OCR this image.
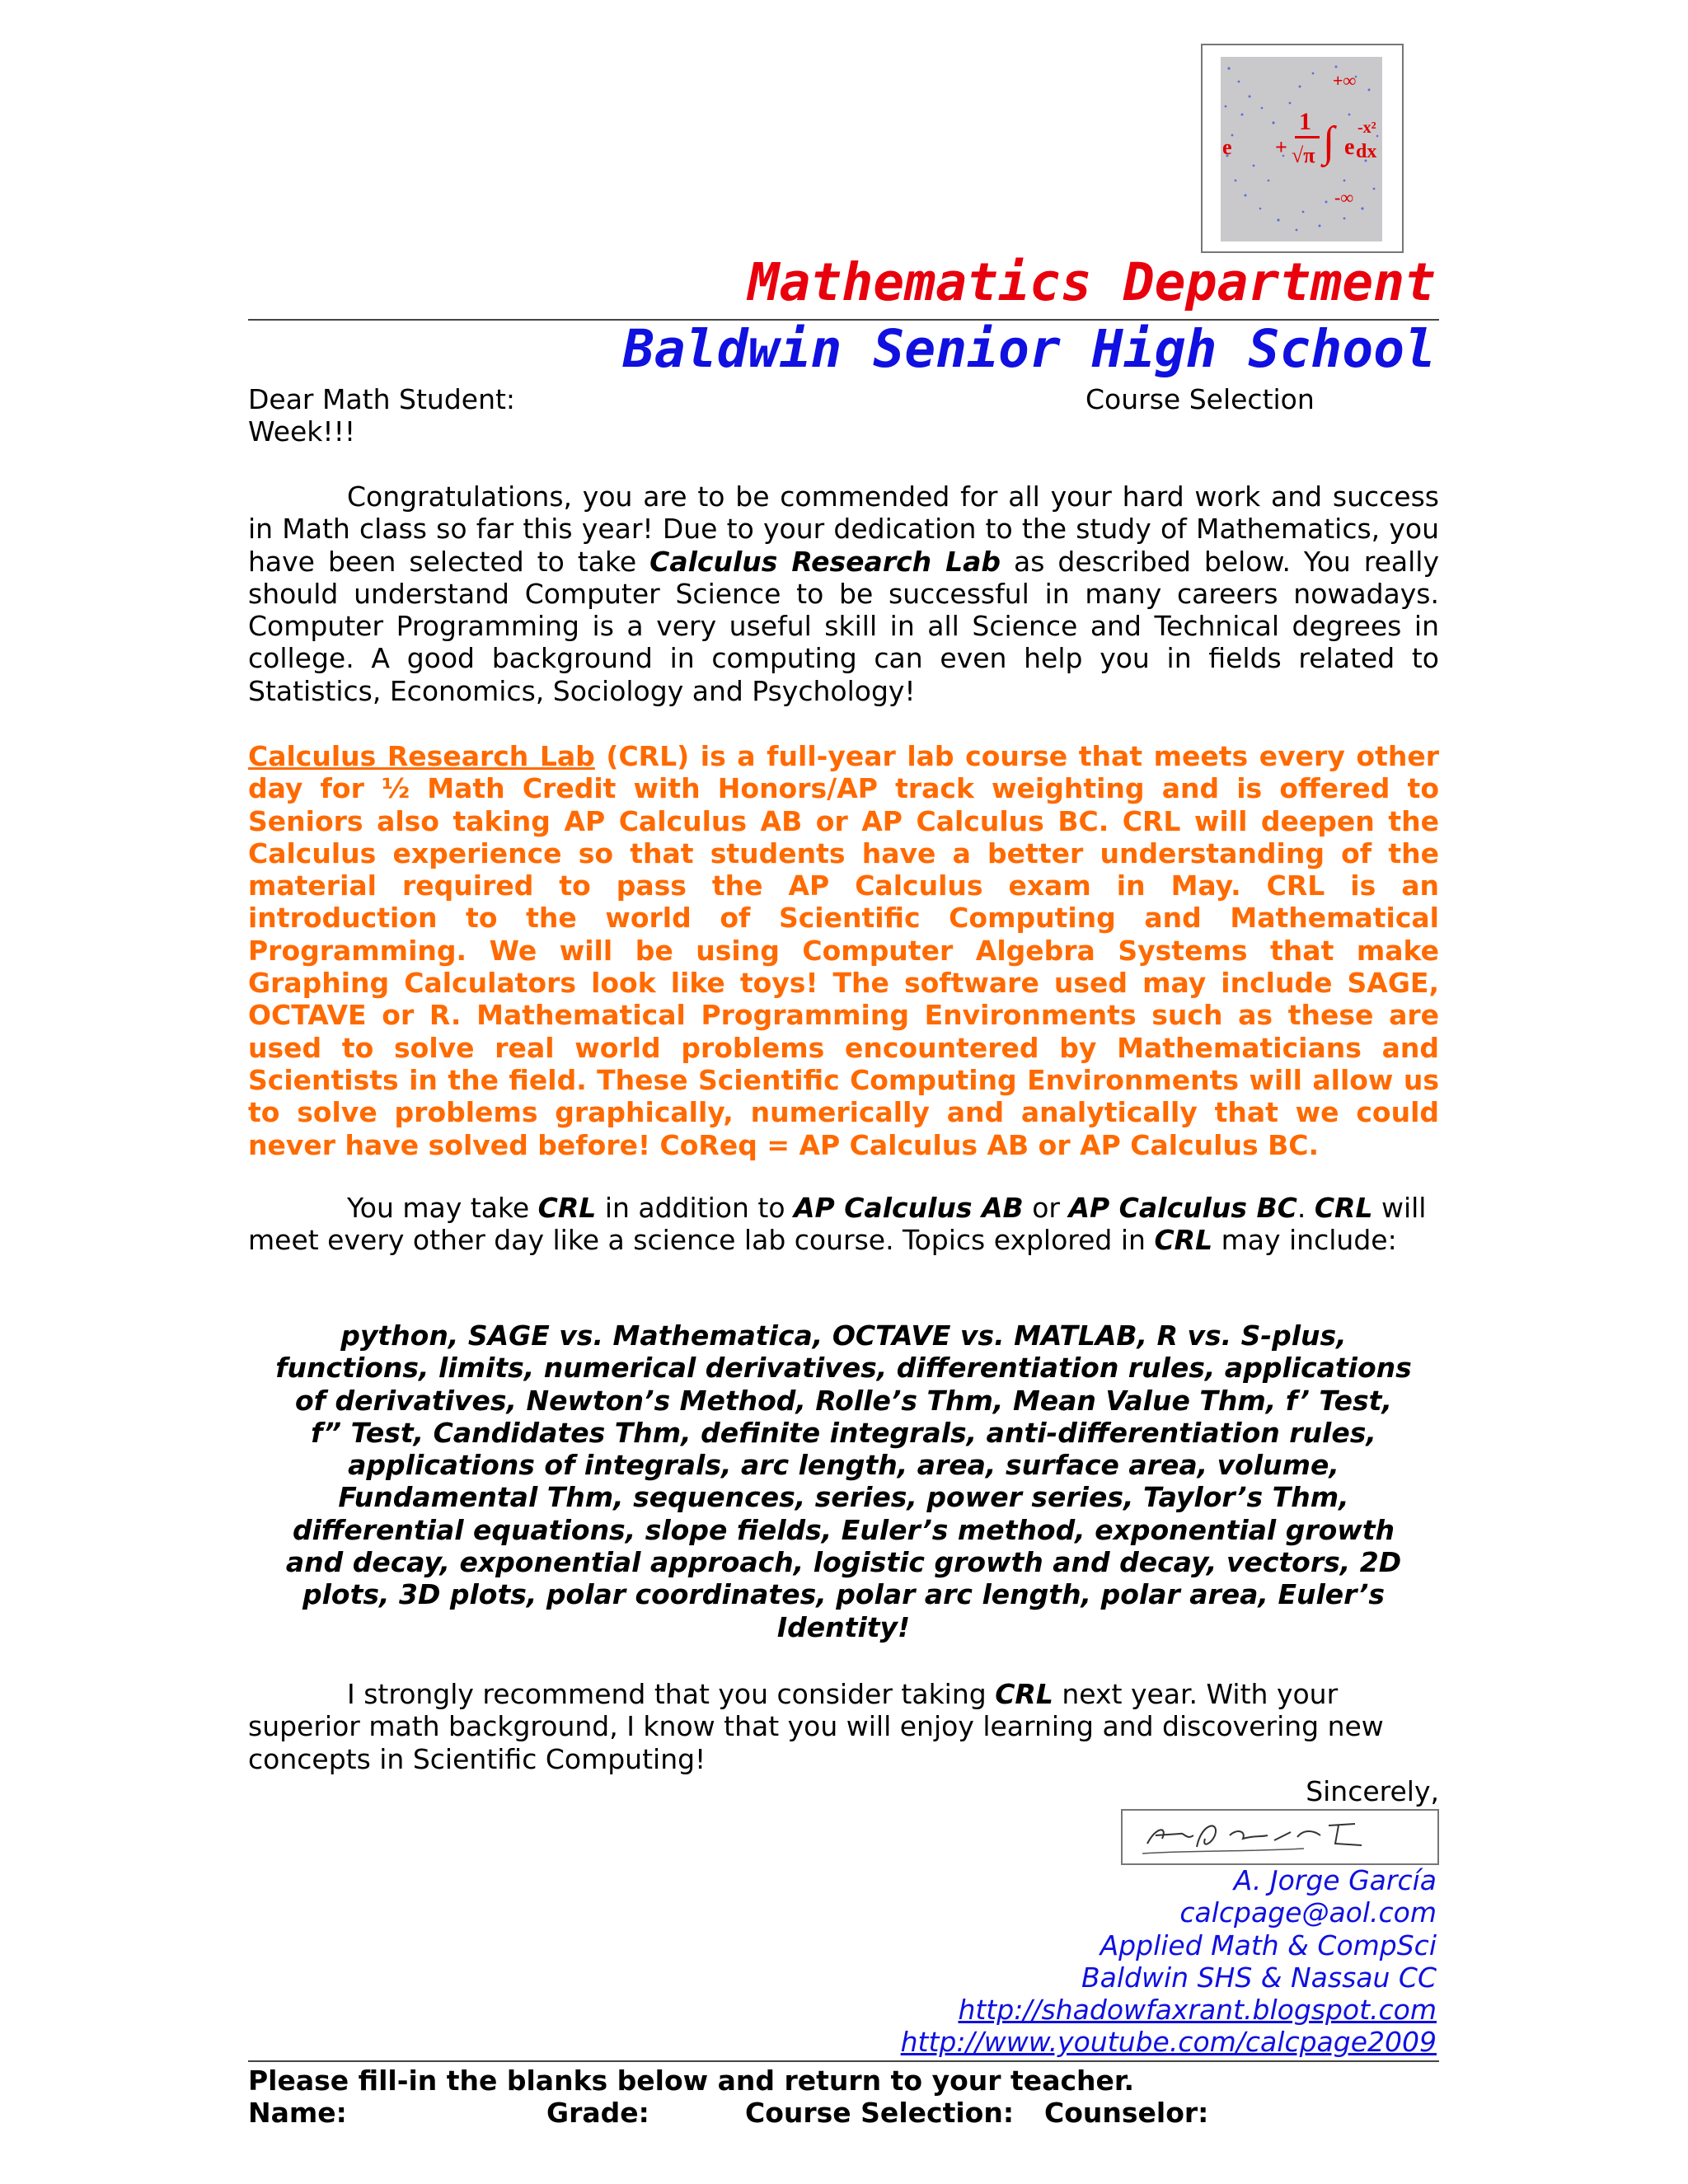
+∞
1
√π ∫ e
-x²
dx
-∞
e +
Mathematics Department
Baldwin Senior High School
Dear Math Student:	Course Selection

Week!!!
Congratulations, you are to be commended for all your hard work and success in Math class so far this year! Due to your dedication to the study of Mathematics, you have been selected to take Calculus Research Lab as described below. You really should understand Computer Science to be successful in many careers nowadays. Computer Programming is a very useful skill in all Science and Technical degrees in college. A good background in computing can even help you in fields related to Statistics, Economics, Sociology and Psychology!
Calculus Research Lab (CRL) is a full-year lab course that meets every other day for ½ Math Credit with Honors/AP track weighting and is offered to Seniors also taking AP Calculus AB or AP Calculus BC. CRL will deepen the Calculus experience so that students have a better understanding of the material required to pass the AP Calculus exam in May. CRL is an introduction to the world of Scientific Computing and Mathematical Programming. We will be using Computer Algebra Systems that make Graphing Calculators look like toys! The software used may include SAGE, OCTAVE or R. Mathematical Programming Environments such as these are used to solve real world problems encountered by Mathematicians and Scientists in the field. These Scientific Computing Environments will allow us to solve problems graphically, numerically and analytically that we could never have solved before! CoReq = AP Calculus AB or AP Calculus BC.
You may take CRL in addition to AP Calculus AB or AP Calculus BC. CRL will meet every other day like a science lab course. Topics explored in CRL may include:
python, SAGE vs. Mathematica, OCTAVE vs. MATLAB, R vs. S-plus,
functions, limits, numerical derivatives, differentiation rules, applications
of derivatives, Newton’s Method, Rolle’s Thm, Mean Value Thm, f’ Test,
f” Test, Candidates Thm, definite integrals, anti-differentiation rules,
applications of integrals, arc length, area, surface area, volume,
Fundamental Thm, sequences, series, power series, Taylor’s Thm,
differential equations, slope fields, Euler’s method, exponential growth
and decay, exponential approach, logistic growth and decay, vectors, 2D
plots, 3D plots, polar coordinates, polar arc length, polar area, Euler’s
Identity!
I strongly recommend that you consider taking CRL next year. With your superior math background, I know that you will enjoy learning and discovering new concepts in Scientific Computing!
Sincerely,
A. Jorge García
calcpage@aol.com
Applied Math & CompSci
Baldwin SHS & Nassau CC
http://shadowfaxrant.blogspot.com
http://www.youtube.com/calcpage2009
Please fill-in the blanks below and return to your teacher.
Name:	Grade:	Course Selection:	Counselor:
